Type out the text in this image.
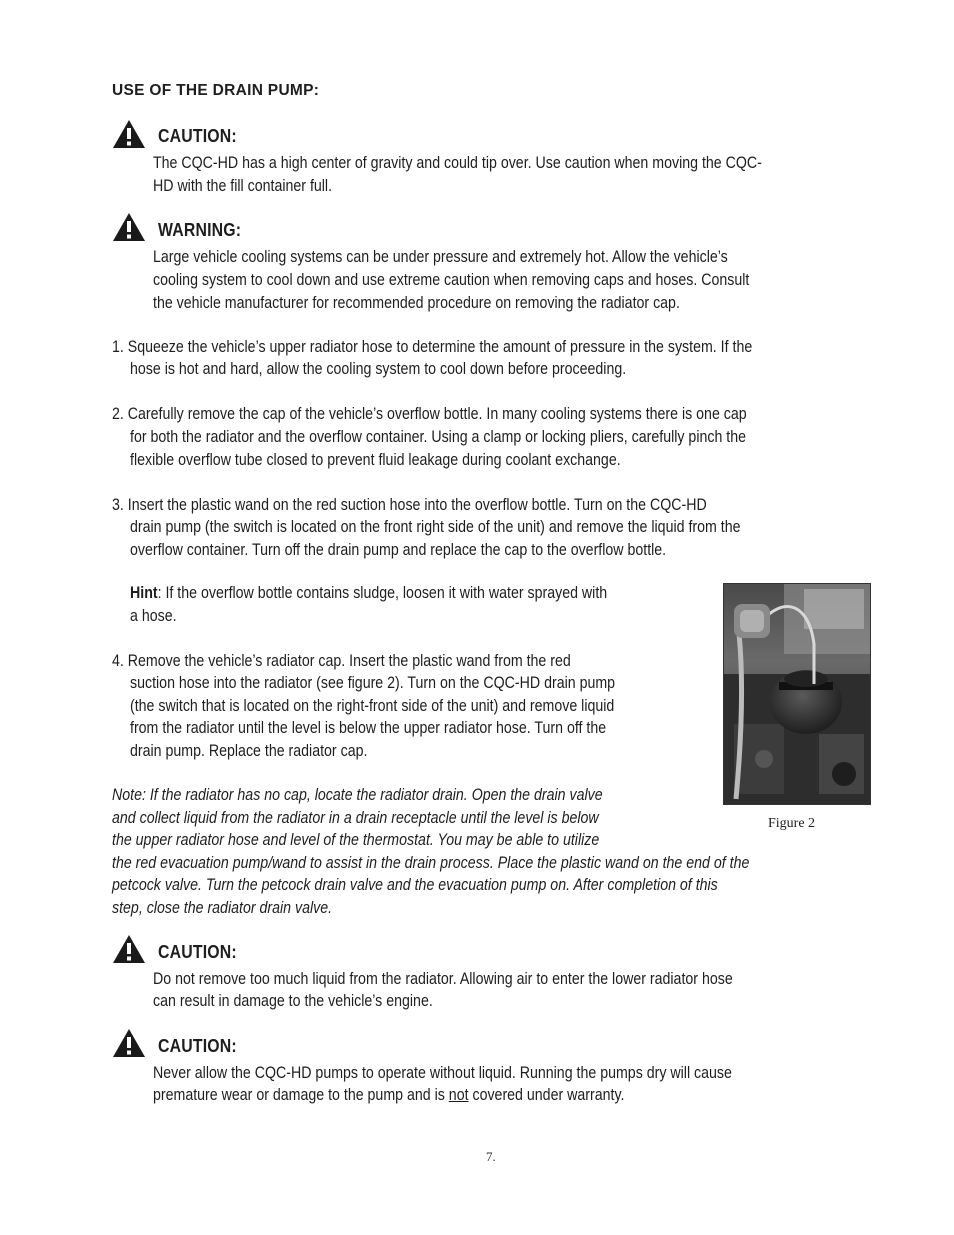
USE OF THE DRAIN PUMP:
CAUTION:
The CQC-HD has a high center of gravity and could tip over. Use caution when moving the CQC-
HD with the fill container full.
WARNING:
Large vehicle cooling systems can be under pressure and extremely hot. Allow the vehicle’s
cooling system to cool down and use extreme caution when removing caps and hoses. Consult
the vehicle manufacturer for recommended procedure on removing the radiator cap.
1. Squeeze the vehicle’s upper radiator hose to determine the amount of pressure in the system. If the
hose is hot and hard, allow the cooling system to cool down before proceeding.
2. Carefully remove the cap of the vehicle’s overflow bottle. In many cooling systems there is one cap
for both the radiator and the overflow container. Using a clamp or locking pliers, carefully pinch the
flexible overflow tube closed to prevent fluid leakage during coolant exchange.
3. Insert the plastic wand on the red suction hose into the overflow bottle. Turn on the CQC-HD
drain pump (the switch is located on the front right side of the unit) and remove the liquid from the
overflow container. Turn off the drain pump and replace the cap to the overflow bottle.
Hint: If the overflow bottle contains sludge, loosen it with water sprayed with
a hose.
4. Remove the vehicle’s radiator cap. Insert the plastic wand from the red
suction hose into the radiator (see figure 2). Turn on the CQC-HD drain pump
(the switch that is located on the right-front side of the unit) and remove liquid
from the radiator until the level is below the upper radiator hose. Turn off the
drain pump. Replace the radiator cap.
Figure 2
Note: If the radiator has no cap, locate the radiator drain. Open the drain valve
and collect liquid from the radiator in a drain receptacle until the level is below
the upper radiator hose and level of the thermostat. You may be able to utilize
the red evacuation pump/wand to assist in the drain process. Place the plastic wand on the end of the
petcock valve. Turn the petcock drain valve and the evacuation pump on. After completion of this
step, close the radiator drain valve.
CAUTION:
Do not remove too much liquid from the radiator. Allowing air to enter the lower radiator hose
can result in damage to the vehicle’s engine.
CAUTION:
Never allow the CQC-HD pumps to operate without liquid. Running the pumps dry will cause
premature wear or damage to the pump and is not covered under warranty.
7.
